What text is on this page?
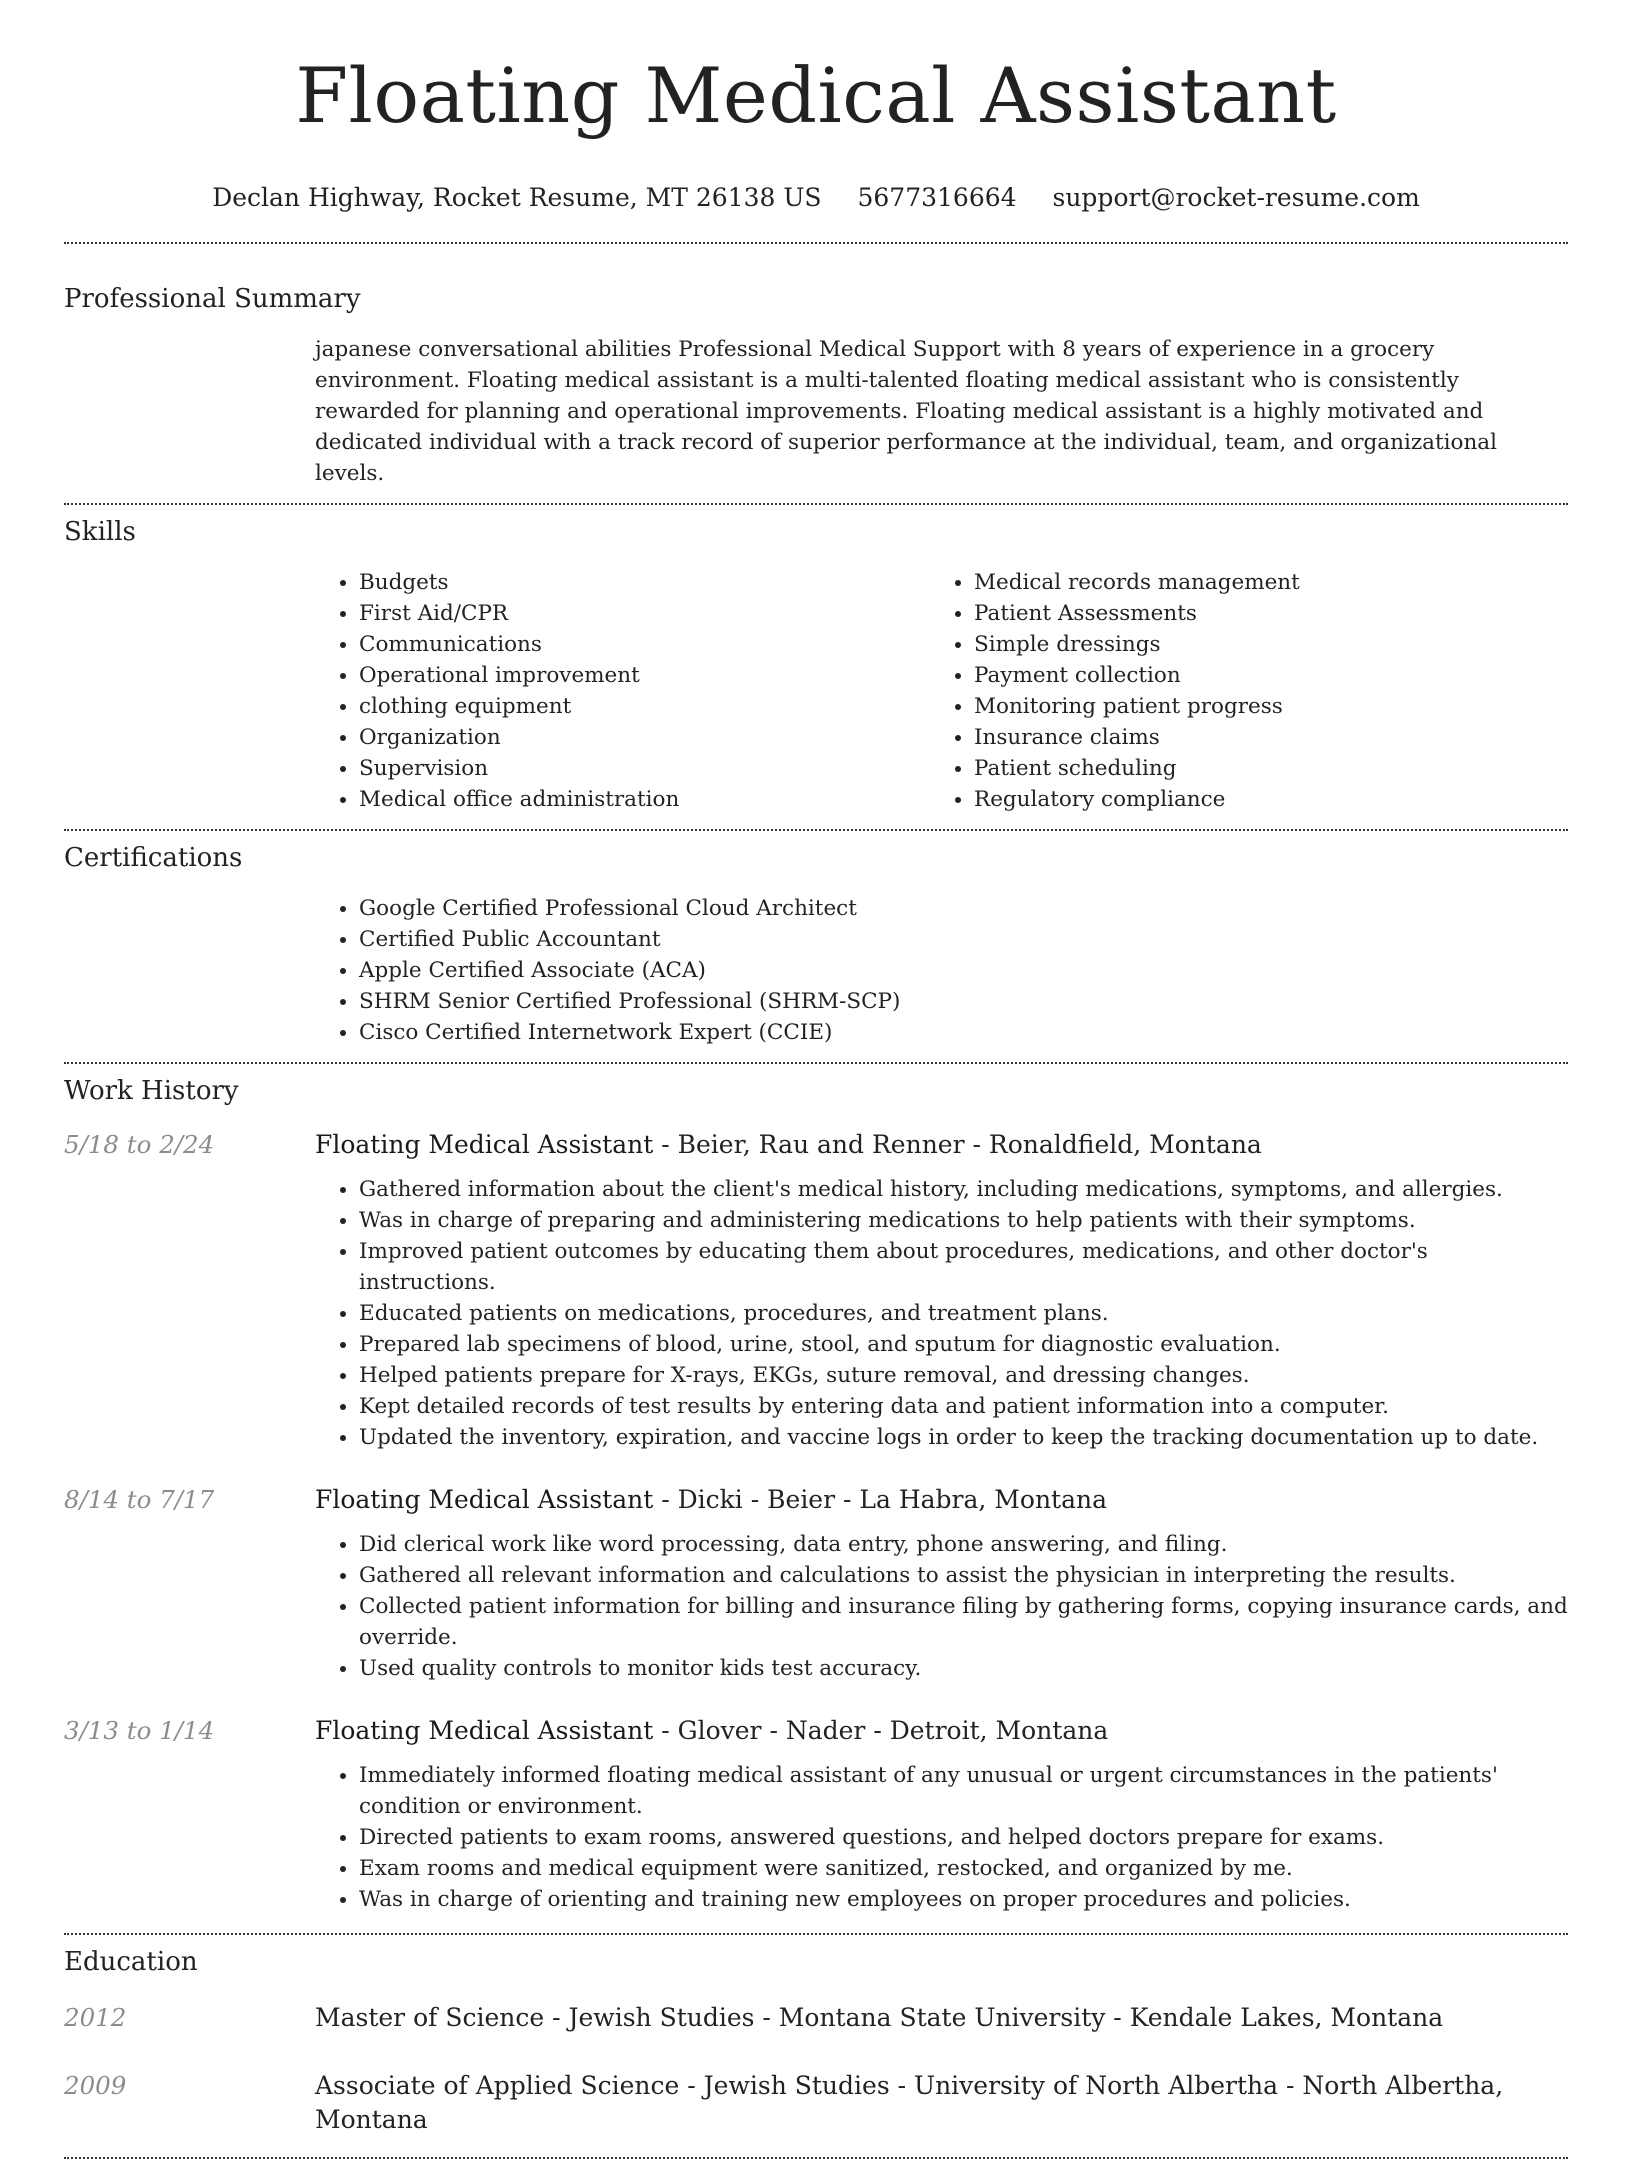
Floating Medical Assistant
Declan Highway, Rocket Resume, MT 26138 US 5677316664 support@rocket-resume.com
Professional Summary
japanese conversational abilities Professional Medical Support with 8 years of experience in a grocery environment. Floating medical assistant is a multi-talented floating medical assistant who is consistently rewarded for planning and operational improvements. Floating medical assistant is a highly motivated and dedicated individual with a track record of superior performance at the individual, team, and organizational levels.
Skills
• Budgets
• First Aid/CPR
• Communications
• Operational improvement
• clothing equipment
• Organization
• Supervision
• Medical office administration
• Medical records management
• Patient Assessments
• Simple dressings
• Payment collection
• Monitoring patient progress
• Insurance claims
• Patient scheduling
• Regulatory compliance
Certifications
• Google Certified Professional Cloud Architect
• Certified Public Accountant
• Apple Certified Associate (ACA)
• SHRM Senior Certified Professional (SHRM-SCP)
• Cisco Certified Internetwork Expert (CCIE)
Work History
5/18 to 2/24	Floating Medical Assistant - Beier, Rau and Renner - Ronaldfield, Montana
• Gathered information about the client's medical history, including medications, symptoms, and allergies.
• Was in charge of preparing and administering medications to help patients with their symptoms.
• Improved patient outcomes by educating them about procedures, medications, and other doctor's instructions.
• Educated patients on medications, procedures, and treatment plans.
• Prepared lab specimens of blood, urine, stool, and sputum for diagnostic evaluation.
• Helped patients prepare for X-rays, EKGs, suture removal, and dressing changes.
• Kept detailed records of test results by entering data and patient information into a computer.
• Updated the inventory, expiration, and vaccine logs in order to keep the tracking documentation up to date.
8/14 to 7/17	Floating Medical Assistant - Dicki - Beier - La Habra, Montana
• Did clerical work like word processing, data entry, phone answering, and filing.
• Gathered all relevant information and calculations to assist the physician in interpreting the results.
• Collected patient information for billing and insurance filing by gathering forms, copying insurance cards, and override.
• Used quality controls to monitor kids test accuracy.
3/13 to 1/14	Floating Medical Assistant - Glover - Nader - Detroit, Montana
• Immediately informed floating medical assistant of any unusual or urgent circumstances in the patients' condition or environment.
• Directed patients to exam rooms, answered questions, and helped doctors prepare for exams.
• Exam rooms and medical equipment were sanitized, restocked, and organized by me.
• Was in charge of orienting and training new employees on proper procedures and policies.
Education
2012	Master of Science - Jewish Studies - Montana State University - Kendale Lakes, Montana
2009	Associate of Applied Science - Jewish Studies - University of North Albertha - North Albertha, Montana
